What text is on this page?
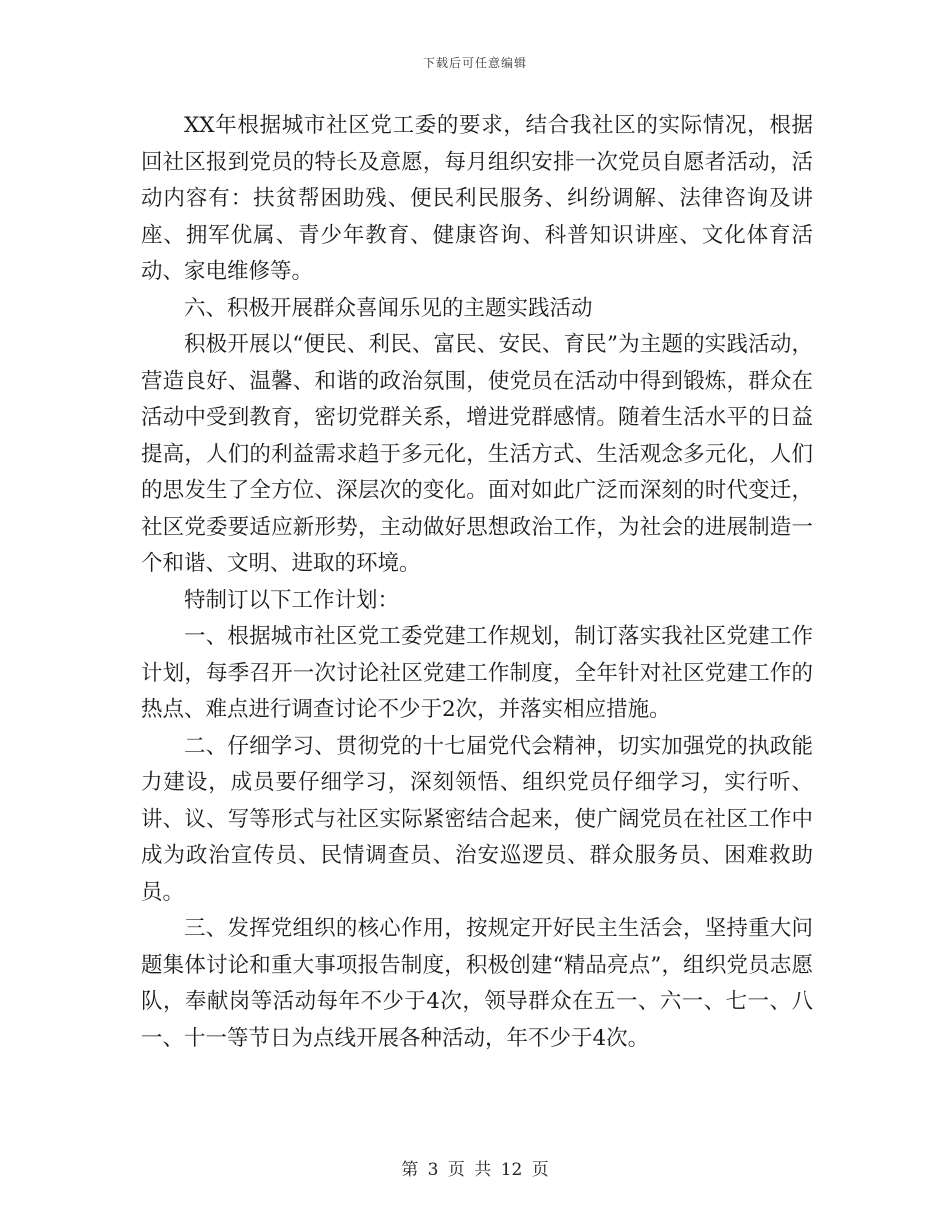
下载后可任意编辑

XX年根据城市社区党工委的要求，结合我社区的实际情况，根据回社区报到党员的特长及意愿，每月组织安排一次党员自愿者活动，活动内容有：扶贫帮困助残、便民利民服务、纠纷调解、法律咨询及讲座、拥军优属、青少年教育、健康咨询、科普知识讲座、文化体育活动、家电维修等。

六、积极开展群众喜闻乐见的主题实践活动

积极开展以“便民、利民、富民、安民、育民”为主题的实践活动，营造良好、温馨、和谐的政治氛围，使党员在活动中得到锻炼，群众在活动中受到教育，密切党群关系，增进党群感情。随着生活水平的日益提高，人们的利益需求趋于多元化，生活方式、生活观念多元化，人们的思发生了全方位、深层次的变化。面对如此广泛而深刻的时代变迁，社区党委要适应新形势，主动做好思想政治工作，为社会的进展制造一个和谐、文明、进取的环境。

特制订以下工作计划：

一、根据城市社区党工委党建工作规划，制订落实我社区党建工作计划，每季召开一次讨论社区党建工作制度，全年针对社区党建工作的热点、难点进行调查讨论不少于2次，并落实相应措施。

二、仔细学习、贯彻党的十七届党代会精神，切实加强党的执政能力建设，成员要仔细学习，深刻领悟、组织党员仔细学习，实行听、讲、议、写等形式与社区实际紧密结合起来，使广阔党员在社区工作中成为政治宣传员、民情调查员、治安巡逻员、群众服务员、困难救助员。

三、发挥党组织的核心作用，按规定开好民主生活会，坚持重大问题集体讨论和重大事项报告制度，积极创建“精品亮点”，组织党员志愿队，奉献岗等活动每年不少于4次，领导群众在五一、六一、七一、八一、十一等节日为点线开展各种活动，年不少于4次。

第 3 页 共 12 页
